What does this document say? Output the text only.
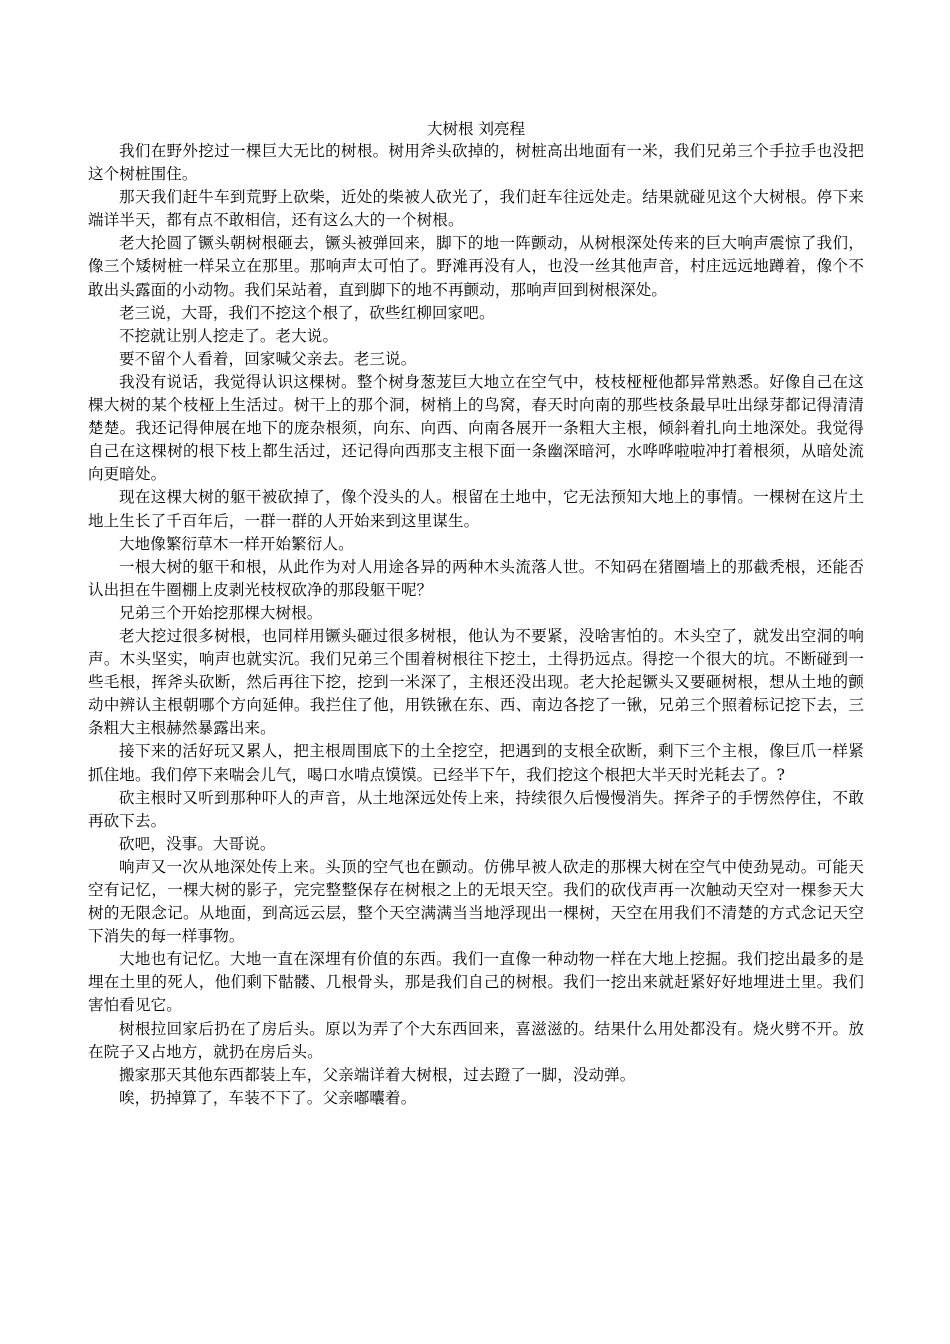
大树根 刘亮程

我们在野外挖过一棵巨大无比的树根。树用斧头砍掉的，树桩高出地面有一米，我们兄弟三个手拉手也没把这个树桩围住。

那天我们赶牛车到荒野上砍柴，近处的柴被人砍光了，我们赶车往远处走。结果就碰见这个大树根。停下来端详半天，都有点不敢相信，还有这么大的一个树根。

老大抡圆了镢头朝树根砸去，镢头被弹回来，脚下的地一阵颤动，从树根深处传来的巨大响声震惊了我们，像三个矮树桩一样呆立在那里。那响声太可怕了。野滩再没有人，也没一丝其他声音，村庄远远地蹲着，像个不敢出头露面的小动物。我们呆站着，直到脚下的地不再颤动，那响声回到树根深处。

老三说，大哥，我们不挖这个根了，砍些红柳回家吧。

不挖就让别人挖走了。老大说。

要不留个人看着，回家喊父亲去。老三说。

我没有说话，我觉得认识这棵树。整个树身葱茏巨大地立在空气中，枝枝桠桠他都异常熟悉。好像自己在这棵大树的某个枝桠上生活过。树干上的那个洞，树梢上的鸟窝，春天时向南的那些枝条最早吐出绿芽都记得清清楚楚。我还记得伸展在地下的庞杂根须，向东、向西、向南各展开一条粗大主根，倾斜着扎向土地深处。我觉得自己在这棵树的根下枝上都生活过，还记得向西那支主根下面一条幽深暗河，水哗哗啦啦冲打着根须，从暗处流向更暗处。

现在这棵大树的躯干被砍掉了，像个没头的人。根留在土地中，它无法预知大地上的事情。一棵树在这片土地上生长了千百年后，一群一群的人开始来到这里谋生。

大地像繁衍草木一样开始繁衍人。

一根大树的躯干和根，从此作为对人用途各异的两种木头流落人世。不知码在猪圈墙上的那截秃根，还能否认出担在牛圈棚上皮剥光枝杈砍净的那段躯干呢？

兄弟三个开始挖那棵大树根。

老大挖过很多树根，也同样用镢头砸过很多树根，他认为不要紧，没啥害怕的。木头空了，就发出空洞的响声。木头坚实，响声也就实沉。我们兄弟三个围着树根往下挖土，土得扔远点。得挖一个很大的坑。不断碰到一些毛根，挥斧头砍断，然后再往下挖，挖到一米深了，主根还没出现。老大抡起镢头又要砸树根，想从土地的颤动中辨认主根朝哪个方向延伸。我拦住了他，用铁锹在东、西、南边各挖了一锹，兄弟三个照着标记挖下去，三条粗大主根赫然暴露出来。

接下来的活好玩又累人，把主根周围底下的土全挖空，把遇到的支根全砍断，剩下三个主根，像巨爪一样紧抓住地。我们停下来喘会儿气，喝口水啃点馍馍。已经半下午，我们挖这个根把大半天时光耗去了。?

砍主根时又听到那种吓人的声音，从土地深远处传上来，持续很久后慢慢消失。挥斧子的手愣然停住，不敢再砍下去。

砍吧，没事。大哥说。

响声又一次从地深处传上来。头顶的空气也在颤动。仿佛早被人砍走的那棵大树在空气中使劲晃动。可能天空有记忆，一棵大树的影子，完完整整保存在树根之上的无垠天空。我们的砍伐声再一次触动天空对一棵参天大树的无限念记。从地面，到高远云层，整个天空满满当当地浮现出一棵树，天空在用我们不清楚的方式念记天空下消失的每一样事物。

大地也有记忆。大地一直在深埋有价值的东西。我们一直像一种动物一样在大地上挖掘。我们挖出最多的是埋在土里的死人，他们剩下骷髅、几根骨头，那是我们自己的树根。我们一挖出来就赶紧好好地埋进土里。我们害怕看见它。

树根拉回家后扔在了房后头。原以为弄了个大东西回来，喜滋滋的。结果什么用处都没有。烧火劈不开。放在院子又占地方，就扔在房后头。

搬家那天其他东西都装上车，父亲端详着大树根，过去蹬了一脚，没动弹。

唉，扔掉算了，车装不下了。父亲嘟囔着。
